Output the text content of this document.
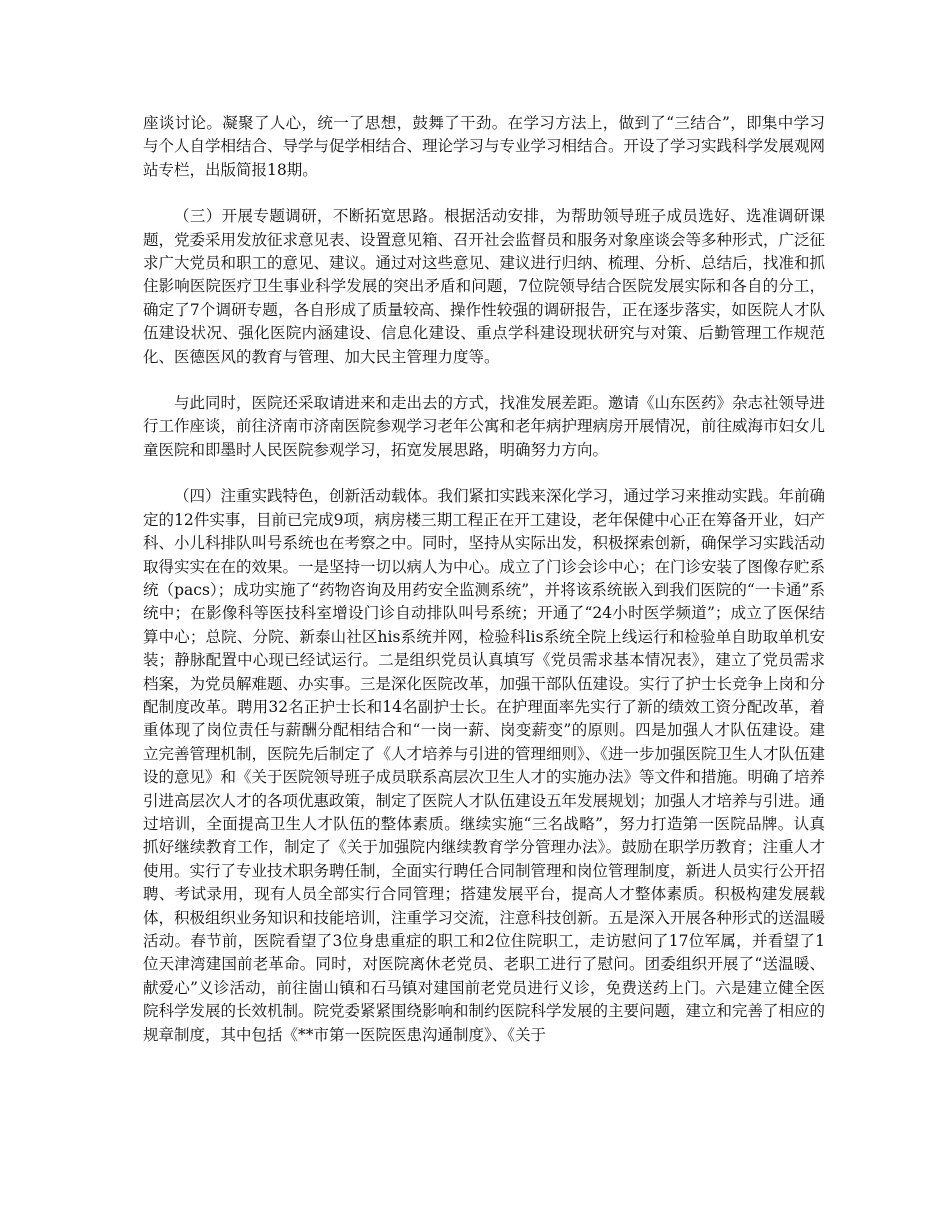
座谈讨论。凝聚了人心，统一了思想，鼓舞了干劲。在学习方法上，做到了“三结合”，即集中学习与个人自学相结合、导学与促学相结合、理论学习与专业学习相结合。开设了学习实践科学发展观网站专栏，出版简报18期。

（三）开展专题调研，不断拓宽思路。根据活动安排，为帮助领导班子成员选好、选准调研课题，党委采用发放征求意见表、设置意见箱、召开社会监督员和服务对象座谈会等多种形式，广泛征求广大党员和职工的意见、建议。通过对这些意见、建议进行归纳、梳理、分析、总结后，找准和抓住影响医院医疗卫生事业科学发展的突出矛盾和问题，7位院领导结合医院发展实际和各自的分工，确定了7个调研专题，各自形成了质量较高、操作性较强的调研报告，正在逐步落实，如医院人才队伍建设状况、强化医院内涵建设、信息化建设、重点学科建设现状研究与对策、后勤管理工作规范化、医德医风的教育与管理、加大民主管理力度等。

与此同时，医院还采取请进来和走出去的方式，找准发展差距。邀请《山东医药》杂志社领导进行工作座谈，前往济南市济南医院参观学习老年公寓和老年病护理病房开展情况，前往威海市妇女儿童医院和即墨时人民医院参观学习，拓宽发展思路，明确努力方向。

（四）注重实践特色，创新活动载体。我们紧扣实践来深化学习，通过学习来推动实践。年前确定的12件实事，目前已完成9项，病房楼三期工程正在开工建设，老年保健中心正在筹备开业，妇产科、小儿科排队叫号系统也在考察之中。同时，坚持从实际出发，积极探索创新，确保学习实践活动取得实实在在的效果。一是坚持一切以病人为中心。成立了门诊会诊中心；在门诊安装了图像存贮系统（pacs）；成功实施了“药物咨询及用药安全监测系统”，并将该系统嵌入到我们医院的“一卡通”系统中；在影像科等医技科室增设门诊自动排队叫号系统；开通了“24小时医学频道”；成立了医保结算中心；总院、分院、新泰山社区his系统并网，检验科lis系统全院上线运行和检验单自助取单机安装；静脉配置中心现已经试运行。二是组织党员认真填写《党员需求基本情况表》，建立了党员需求档案，为党员解难题、办实事。三是深化医院改革，加强干部队伍建设。实行了护士长竞争上岗和分配制度改革。聘用32名正护士长和14名副护士长。在护理面率先实行了新的绩效工资分配改革，着重体现了岗位责任与薪酬分配相结合和“一岗一薪、岗变薪变”的原则。四是加强人才队伍建设。建立完善管理机制，医院先后制定了《人才培养与引进的管理细则》、《进一步加强医院卫生人才队伍建设的意见》和《关于医院领导班子成员联系高层次卫生人才的实施办法》等文件和措施。明确了培养引进高层次人才的各项优惠政策，制定了医院人才队伍建设五年发展规划；加强人才培养与引进。通过培训，全面提高卫生人才队伍的整体素质。继续实施“三名战略”，努力打造第一医院品牌。认真抓好继续教育工作，制定了《关于加强院内继续教育学分管理办法》。鼓励在职学历教育；注重人才使用。实行了专业技术职务聘任制，全面实行聘任合同制管理和岗位管理制度，新进人员实行公开招聘、考试录用，现有人员全部实行合同管理；搭建发展平台，提高人才整体素质。积极构建发展载体，积极组织业务知识和技能培训，注重学习交流，注意科技创新。五是深入开展各种形式的送温暖活动。春节前，医院看望了3位身患重症的职工和2位住院职工，走访慰问了17位军属，并看望了1位天津湾建国前老革命。同时，对医院离休老党员、老职工进行了慰问。团委组织开展了“送温暖、献爱心”义诊活动，前往崮山镇和石马镇对建国前老党员进行义诊，免费送药上门。六是建立健全医院科学发展的长效机制。院党委紧紧围绕影响和制约医院科学发展的主要问题，建立和完善了相应的规章制度，其中包括《**市第一医院医患沟通制度》、《关于
